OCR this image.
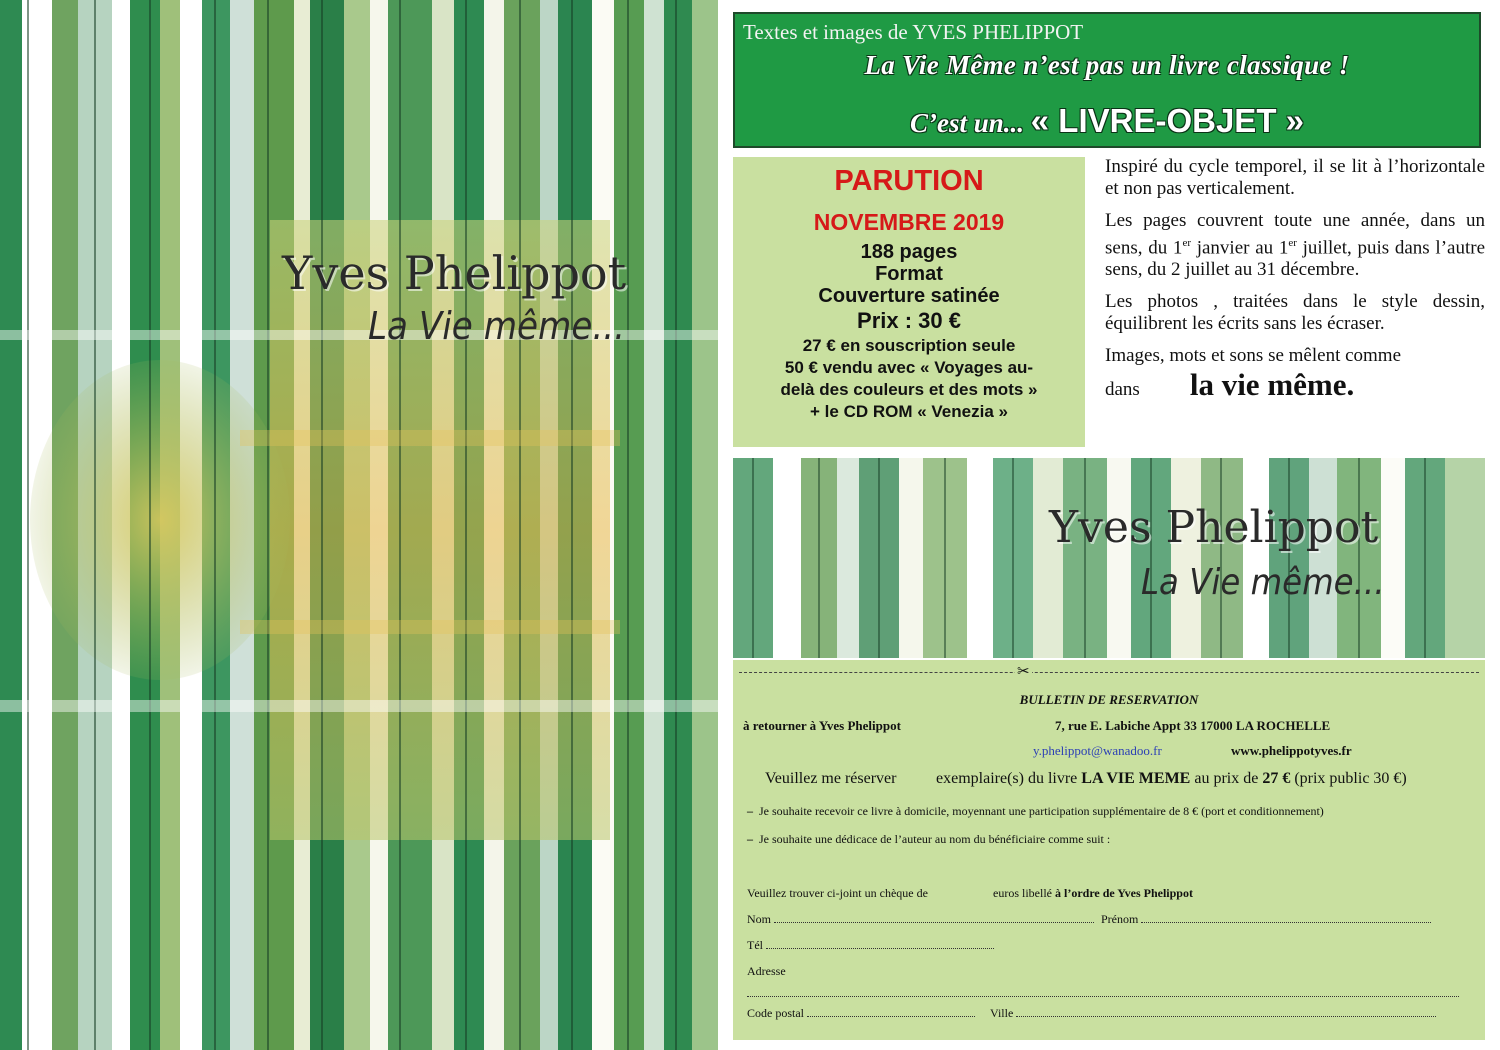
Yves Phelippot
La Vie même...
Textes et images de YVES PHELIPPOT
La Vie Même n’est pas un livre classique !
C’est un... « LIVRE-OBJET »
PARUTION
NOVEMBRE 2019
188 pages
Format
Couverture satinée
Prix : 30 €
27 € en souscription seule
50 € vendu avec « Voyages au-
delà des couleurs et des mots »
+ le CD ROM « Venezia »

Inspiré du cycle temporel, il se lit à l’horizontale et non pas verticalement.

Les pages couvrent toute une année, dans un sens, du 1er janvier au 1er juillet, puis dans l’autre sens, du 2 juillet au 31 décembre.

Les photos , traitées dans le style dessin, équilibrent les écrits sans les écraser.

Images, mots et sons se mêlent comme
dans la vie même.

Yves Phelippot
La Vie même...
✂
BULLETIN DE RESERVATION
à retourner à Yves Phelippot	7, rue E. Labiche Appt 33 17000 LA ROCHELLE
y.phelippot@wanadoo.fr	www.phelippotyves.fr
Veuillez me réserver exemplaire(s) du livre LA VIE MEME au prix de 27 € (prix public 30 €)
– Je souhaite recevoir ce livre à domicile, moyennant une participation supplémentaire de 8 € (port et conditionnement)
– Je souhaite une dédicace de l’auteur au nom du bénéficiaire comme suit :
Veuillez trouver ci-joint un chèque de	euros libellé à l’ordre de Yves Phelippot
Nom	Prénom
Tél
Adresse
Code postal	Ville
